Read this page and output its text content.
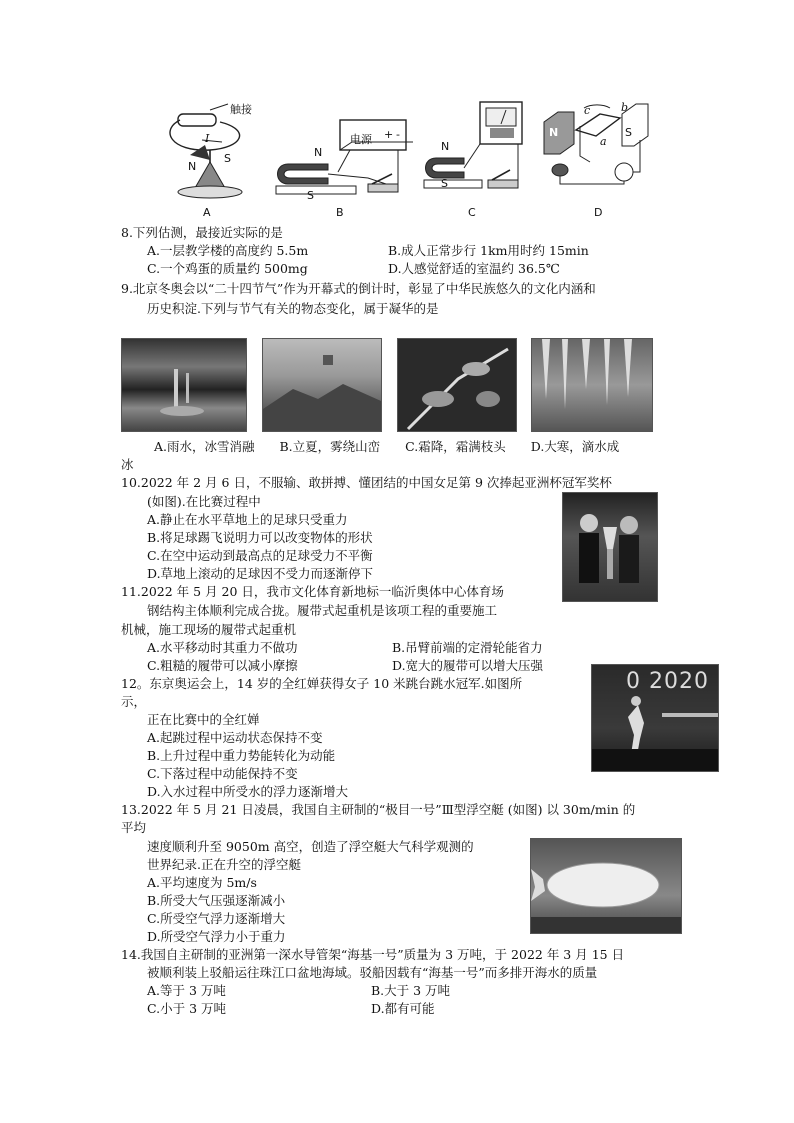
触接
I
N
S	N
S
电源 + -
N
S
N	S
a
b
c
A	B	C	D
8.下列估测，最接近实际的是
A.一层教学楼的高度约 5.5m	B.成人正常步行 1km用时约 15min
C.一个鸡蛋的质量约 500mg	D.人感觉舒适的室温约 36.5℃
9.北京冬奥会以“二十四节气”作为开幕式的倒计时，彰显了中华民族悠久的文化内涵和
历史积淀.下列与节气有关的物态变化，属于凝华的是
A.雨水，冰雪消融　　B.立夏，雾绕山峦　　C.霜降，霜满枝头　　D.大寒，滴水成
冰
10.2022 年 2 月 6 日，不服输、敢拼搏、懂团结的中国女足第 9 次捧起亚洲杯冠军奖杯
(如图).在比赛过程中
A.静止在水平草地上的足球只受重力
B.将足球踢飞说明力可以改变物体的形状
C.在空中运动到最高点的足球受力不平衡
D.草地上滚动的足球因不受力而逐渐停下
11.2022 年 5 月 20 日，我市文化体育新地标一临沂奥体中心体育场
钢结构主体顺利完成合拢。履带式起重机是该项工程的重要施工
机械，施工现场的履带式起重机
A.水平移动时其重力不做功	B.吊臂前端的定滑轮能省力
C.粗糙的履带可以减小摩擦	D.宽大的履带可以增大压强
12。东京奥运会上，14 岁的全红婵获得女子 10 米跳台跳水冠军.如图所
示，
正在比赛中的全红婵
A.起跳过程中运动状态保持不变
B.上升过程中重力势能转化为动能
C.下落过程中动能保持不变
D.入水过程中所受水的浮力逐渐增大
0 2020
13.2022 年 5 月 21 日凌晨，我国自主研制的“极目一号”Ⅲ型浮空艇 (如图) 以 30m/min 的
平均
速度顺利升至 9050m 高空，创造了浮空艇大气科学观测的
世界纪录.正在升空的浮空艇
A.平均速度为 5m/s
B.所受大气压强逐渐减小
C.所受空气浮力逐渐增大
D.所受空气浮力小于重力
14.我国自主研制的亚洲第一深水导管架“海基一号”质量为 3 万吨，于 2022 年 3 月 15 日
被顺利装上驳船运往珠江口盆地海域。驳船因载有“海基一号”而多排开海水的质量
A.等于 3 万吨	B.大于 3 万吨
C.小于 3 万吨	D.都有可能
